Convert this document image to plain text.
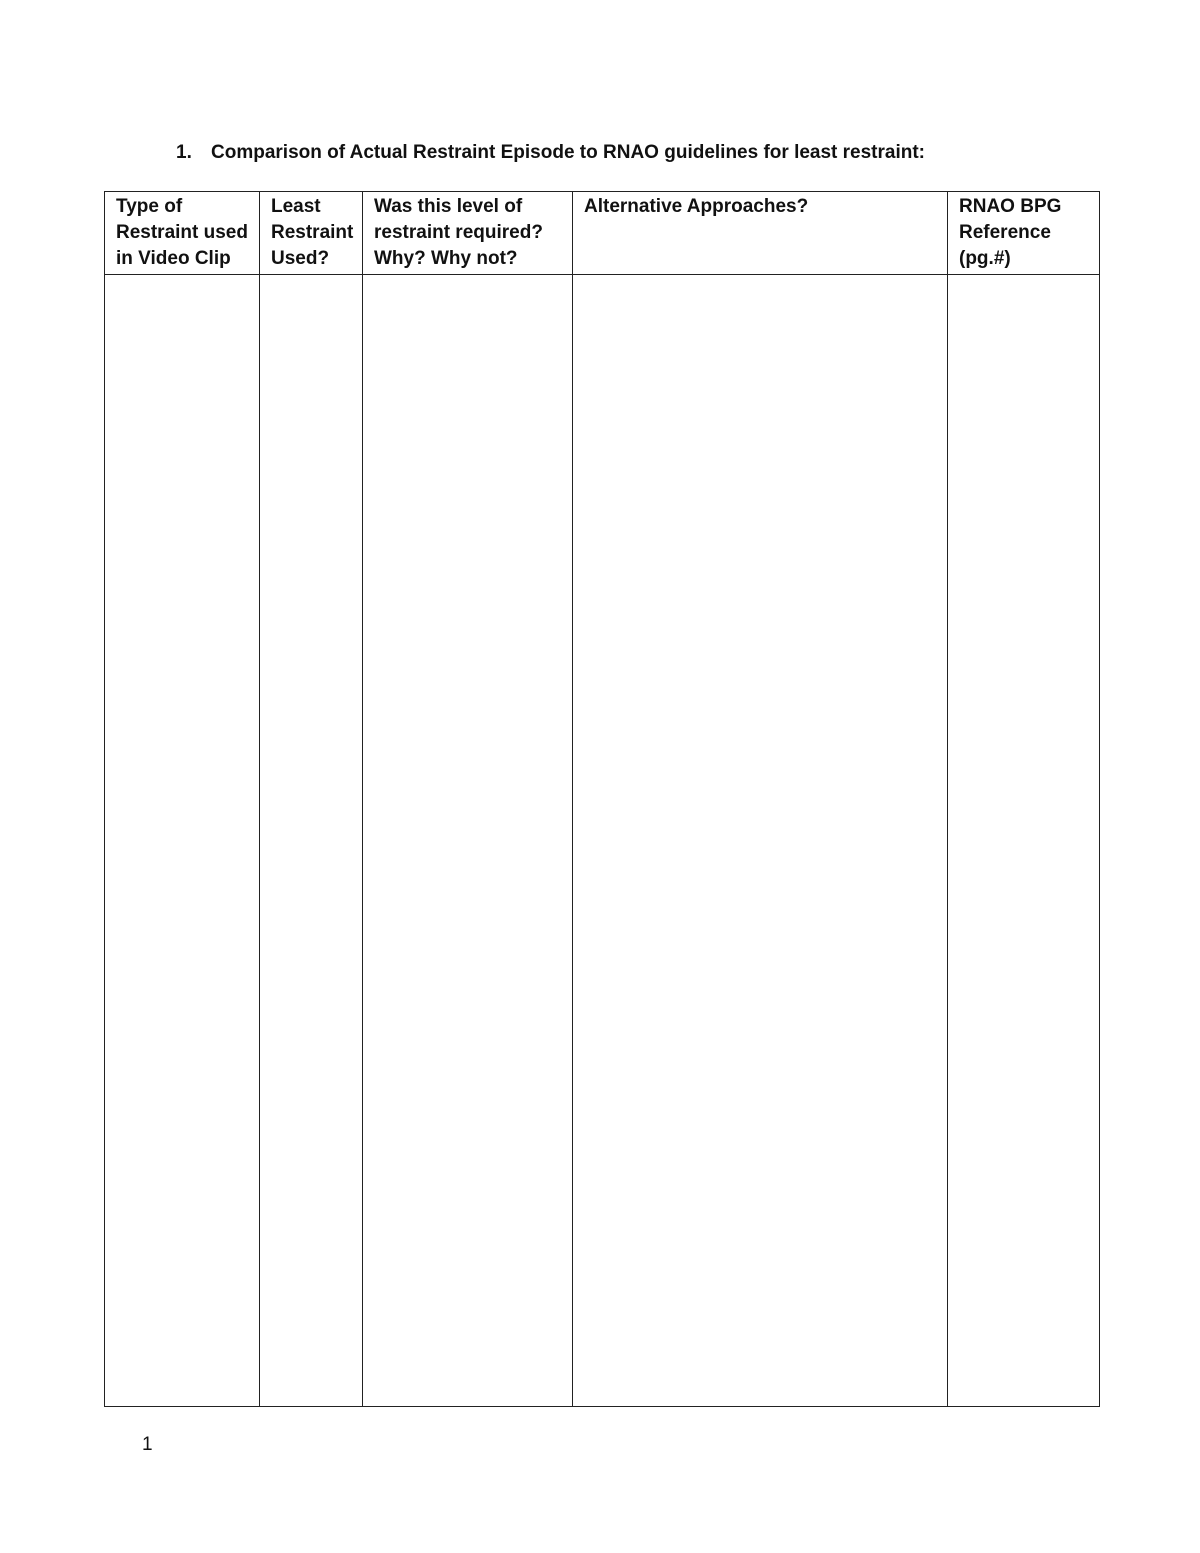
1.	Comparison of Actual Restraint Episode to RNAO guidelines for least restraint:
Type of Restraint used in Video Clip	Least Restraint Used?	Was this level of restraint required? Why? Why not?	Alternative Approaches?	RNAO BPG Reference (pg.#)

1
